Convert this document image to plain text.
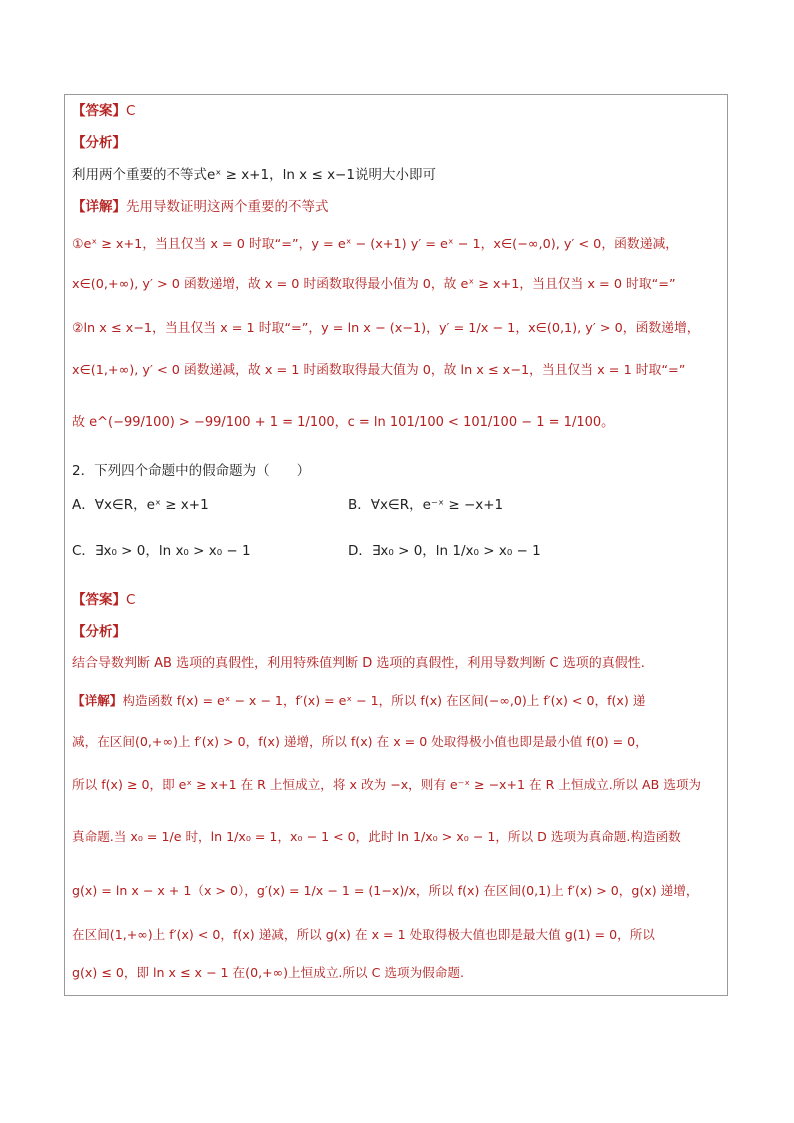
【答案】C
【分析】
利用两个重要的不等式eˣ ≥ x+1，ln x ≤ x−1说明大小即可
【详解】先用导数证明这两个重要的不等式
①eˣ ≥ x+1，当且仅当 x = 0 时取“=”，y = eˣ − (x+1) y′ = eˣ − 1，x∈(−∞,0), y′ < 0，函数递减，
x∈(0,+∞), y′ > 0 函数递增，故 x = 0 时函数取得最小值为 0，故 eˣ ≥ x+1，当且仅当 x = 0 时取“=”
②ln x ≤ x−1，当且仅当 x = 1 时取“=”，y = ln x − (x−1)，y′ = 1/x − 1，x∈(0,1), y′ > 0，函数递增，
x∈(1,+∞), y′ < 0 函数递减，故 x = 1 时函数取得最大值为 0，故 ln x ≤ x−1，当且仅当 x = 1 时取“=”
故 e^(−99/100) > −99/100 + 1 = 1/100，c = ln 101/100 < 101/100 − 1 = 1/100。
2．下列四个命题中的假命题为（　　）
A．∀x∈R，eˣ ≥ x+1	B．∀x∈R，e⁻ˣ ≥ −x+1
C．∃x₀ > 0，ln x₀ > x₀ − 1	D．∃x₀ > 0，ln 1/x₀ > x₀ − 1
【答案】C
【分析】
结合导数判断 AB 选项的真假性，利用特殊值判断 D 选项的真假性，利用导数判断 C 选项的真假性.
【详解】构造函数 f(x) = eˣ − x − 1，f′(x) = eˣ − 1，所以 f(x) 在区间(−∞,0)上 f′(x) < 0，f(x) 递
减，在区间(0,+∞)上 f′(x) > 0，f(x) 递增，所以 f(x) 在 x = 0 处取得极小值也即是最小值 f(0) = 0，
所以 f(x) ≥ 0，即 eˣ ≥ x+1 在 R 上恒成立，将 x 改为 −x，则有 e⁻ˣ ≥ −x+1 在 R 上恒成立.所以 AB 选项为
真命题.当 x₀ = 1/e 时，ln 1/x₀ = 1，x₀ − 1 < 0，此时 ln 1/x₀ > x₀ − 1，所以 D 选项为真命题.构造函数
g(x) = ln x − x + 1（x > 0），g′(x) = 1/x − 1 = (1−x)/x，所以 f(x) 在区间(0,1)上 f′(x) > 0，g(x) 递增，
在区间(1,+∞)上 f′(x) < 0，f(x) 递减，所以 g(x) 在 x = 1 处取得极大值也即是最大值 g(1) = 0，所以
g(x) ≤ 0，即 ln x ≤ x − 1 在(0,+∞)上恒成立.所以 C 选项为假命题.
